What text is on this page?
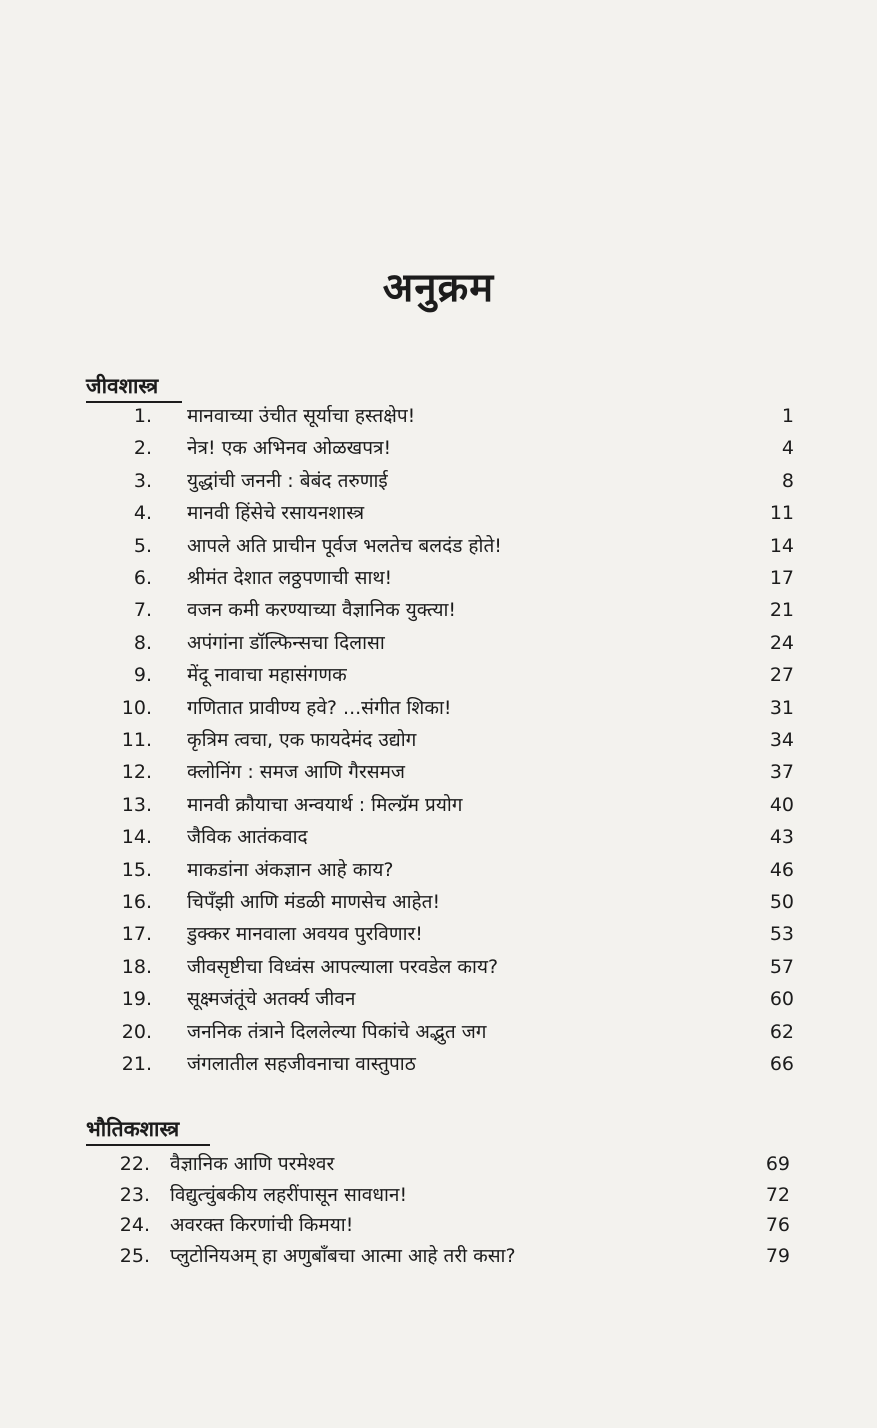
अनुक्रम
जीवशास्त्र
1. मानवाच्या उंचीत सूर्याचा हस्तक्षेप!	1
2. नेत्र! एक अभिनव ओळखपत्र!	4
3. युद्धांची जननी : बेबंद तरुणाई	8
4. मानवी हिंसेचे रसायनशास्त्र	11
5. आपले अति प्राचीन पूर्वज भलतेच बलदंड होते!	14
6. श्रीमंत देशात लठ्ठपणाची साथ!	17
7. वजन कमी करण्याच्या वैज्ञानिक युक्त्या!	21
8. अपंगांना डॉल्फिन्सचा दिलासा	24
9. मेंदू नावाचा महासंगणक	27
10. गणितात प्रावीण्य हवे? ...संगीत शिका!	31
11. कृत्रिम त्वचा, एक फायदेमंद उद्योग	34
12. क्लोनिंग : समज आणि गैरसमज	37
13. मानवी क्रौयाचा अन्वयार्थ : मिल्ग्रॅम प्रयोग	40
14. जैविक आतंकवाद	43
15. माकडांना अंकज्ञान आहे काय?	46
16. चिपँझी आणि मंडळी माणसेच आहेत!	50
17. डुक्कर मानवाला अवयव पुरविणार!	53
18. जीवसृष्टीचा विध्वंस आपल्याला परवडेल काय?	57
19. सूक्ष्मजंतूंचे अतर्क्य जीवन	60
20. जननिक तंत्राने दिललेल्या पिकांचे अद्भुत जग	62
21. जंगलातील सहजीवनाचा वास्तुपाठ	66
भौतिकशास्त्र
22. वैज्ञानिक आणि परमेश्वर	69
23. विद्युत्चुंबकीय लहरींपासून सावधान!	72
24. अवरक्त किरणांची किमया!	76
25. प्लुटोनियअम् हा अणुबाँबचा आत्मा आहे तरी कसा?	79
